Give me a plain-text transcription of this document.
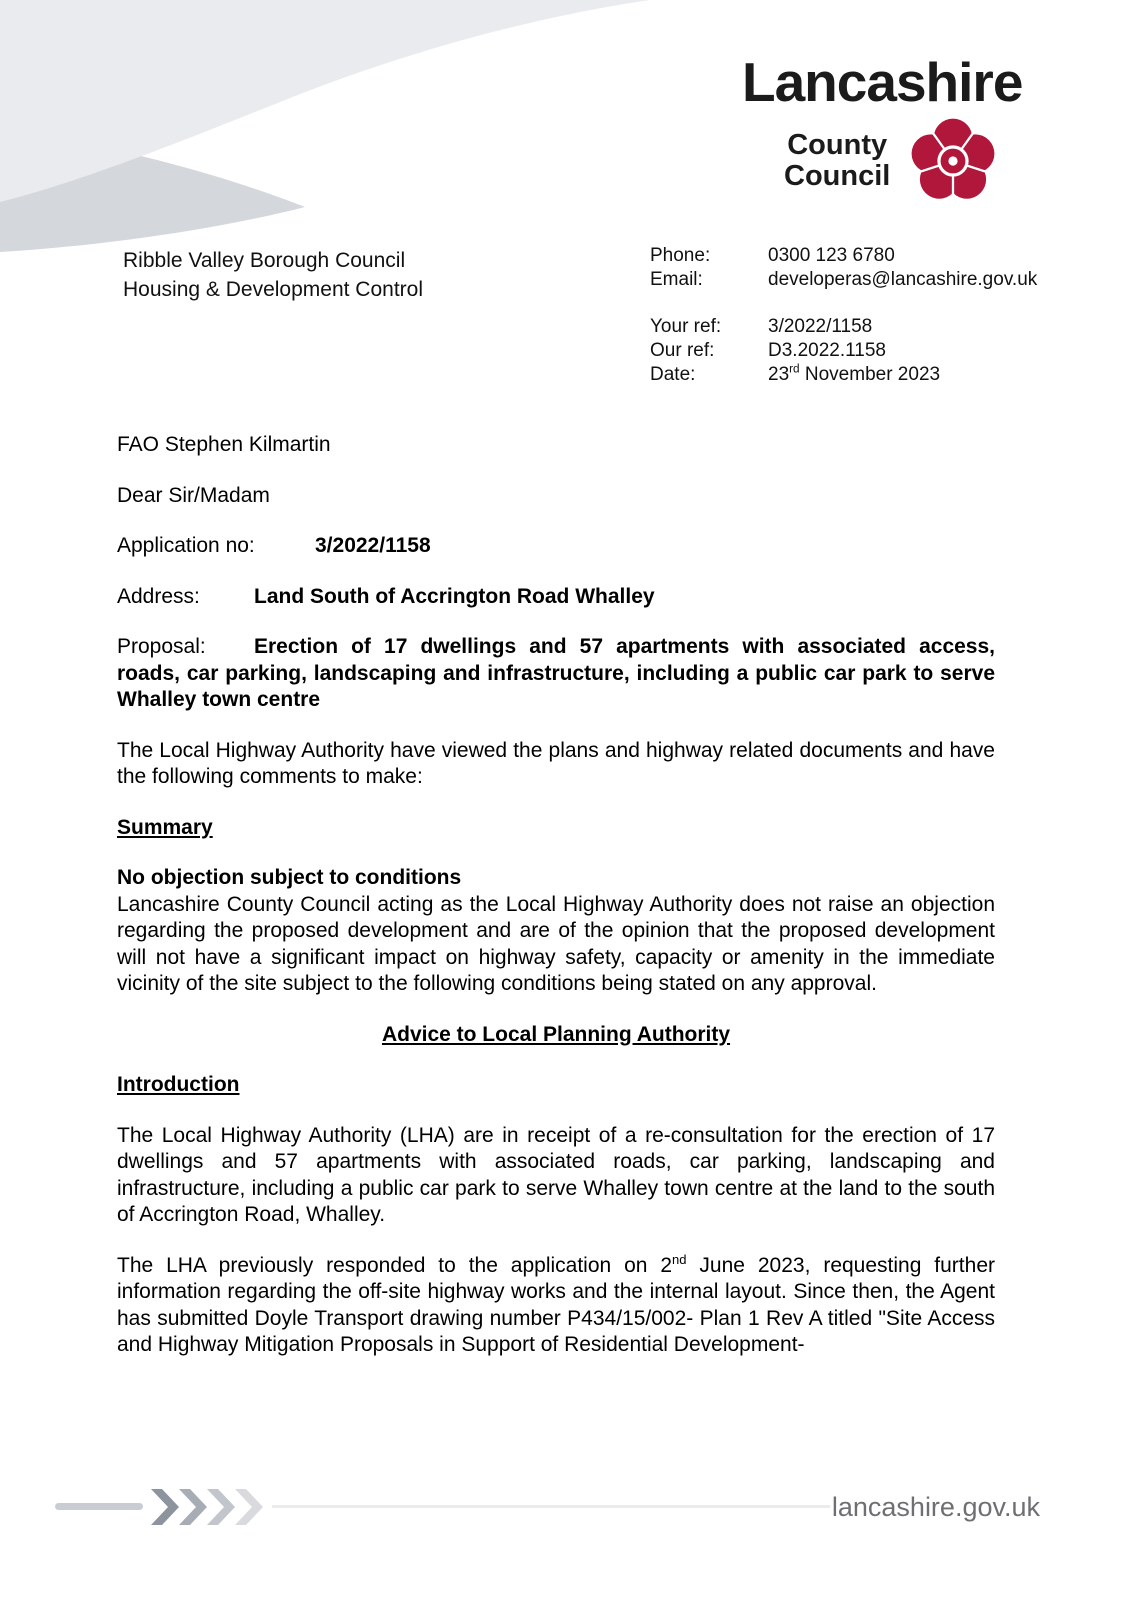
Lancashire
County
Council
Ribble Valley Borough Council
Housing & Development Control
Phone:	0300 123 6780
Email:	developeras@lancashire.gov.uk
Your ref: 3/2022/1158
Our ref:	D3.2022.1158
Date:	23rd November 2023

FAO Stephen Kilmartin

Dear Sir/Madam

Application no:	3/2022/1158

Address:	Land South of Accrington Road Whalley

Proposal: Erection of 17 dwellings and 57 apartments with associated access, roads, car parking, landscaping and infrastructure, including a public car park to serve Whalley town centre

The Local Highway Authority have viewed the plans and highway related documents and have the following comments to make:

Summary

No objection subject to conditions

Lancashire County Council acting as the Local Highway Authority does not raise an objection regarding the proposed development and are of the opinion that the proposed development will not have a significant impact on highway safety, capacity or amenity in the immediate vicinity of the site subject to the following conditions being stated on any approval.

Advice to Local Planning Authority

Introduction

The Local Highway Authority (LHA) are in receipt of a re-consultation for the erection of 17 dwellings and 57 apartments with associated roads, car parking, landscaping and infrastructure, including a public car park to serve Whalley town centre at the land to the south of Accrington Road, Whalley.

The LHA previously responded to the application on 2nd June 2023, requesting further information regarding the off-site highway works and the internal layout. Since then, the Agent has submitted Doyle Transport drawing number P434/15/002- Plan 1 Rev A titled "Site Access and Highway Mitigation Proposals in Support of Residential Development-

lancashire.gov.uk
